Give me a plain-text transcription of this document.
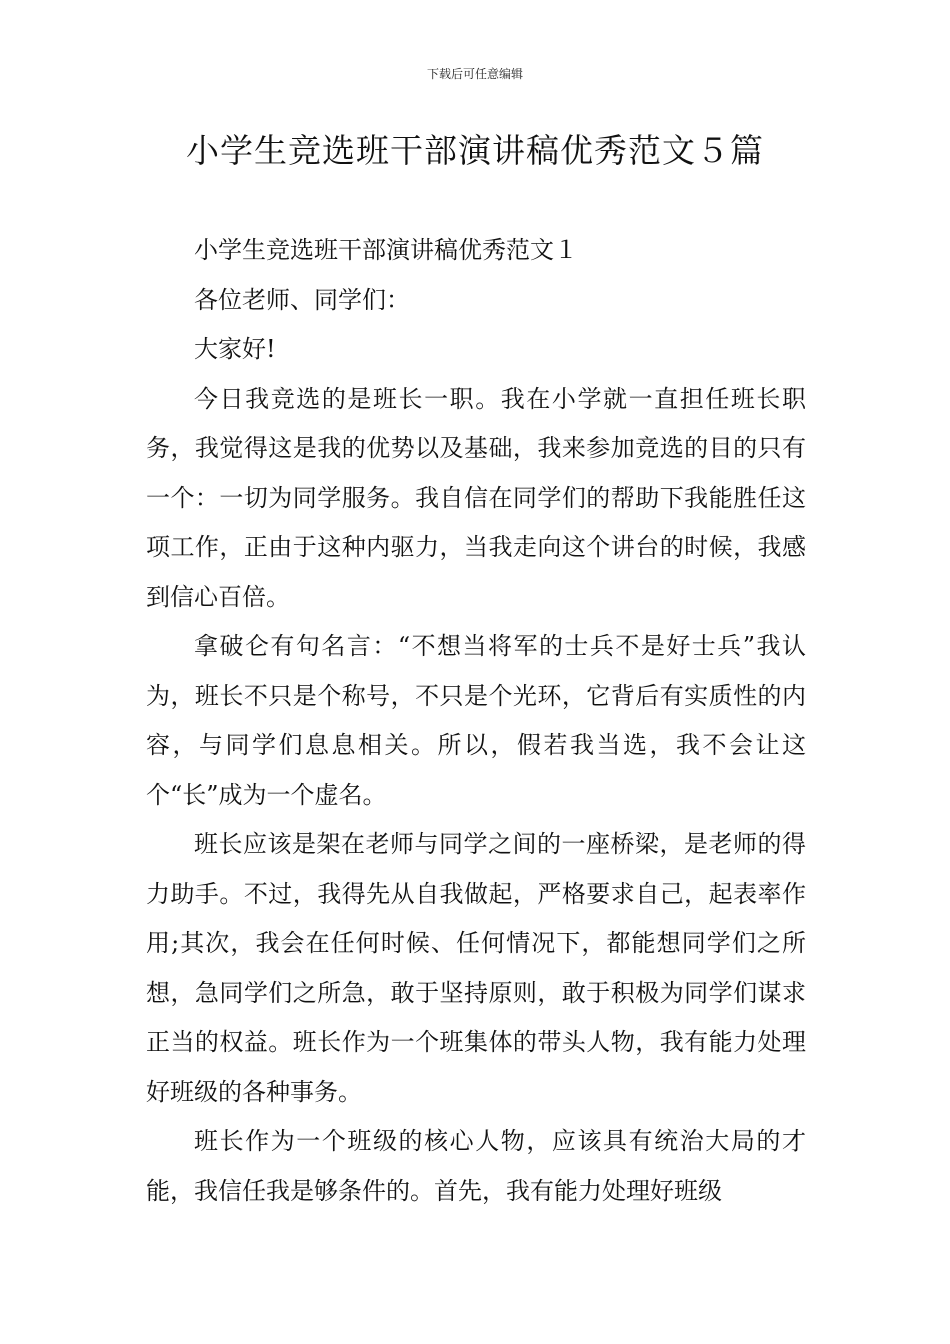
下载后可任意编辑
小学生竞选班干部演讲稿优秀范文５篇

小学生竞选班干部演讲稿优秀范文１

各位老师、同学们：

大家好!

今日我竞选的是班长一职。我在小学就一直担任班长职务，我觉得这是我的优势以及基础，我来参加竞选的目的只有一个：一切为同学服务。我自信在同学们的帮助下我能胜任这项工作，正由于这种内驱力，当我走向这个讲台的时候，我感到信心百倍。

拿破仑有句名言：“不想当将军的士兵不是好士兵”我认为，班长不只是个称号，不只是个光环，它背后有实质性的内容，与同学们息息相关。所以，假若我当选，我不会让这个“长”成为一个虚名。

班长应该是架在老师与同学之间的一座桥梁，是老师的得力助手。不过，我得先从自我做起，严格要求自己，起表率作用;其次，我会在任何时候、任何情况下，都能想同学们之所想，急同学们之所急，敢于坚持原则，敢于积极为同学们谋求正当的权益。班长作为一个班集体的带头人物，我有能力处理好班级的各种事务。

班长作为一个班级的核心人物，应该具有统治大局的才能，我信任我是够条件的。首先，我有能力处理好班级
